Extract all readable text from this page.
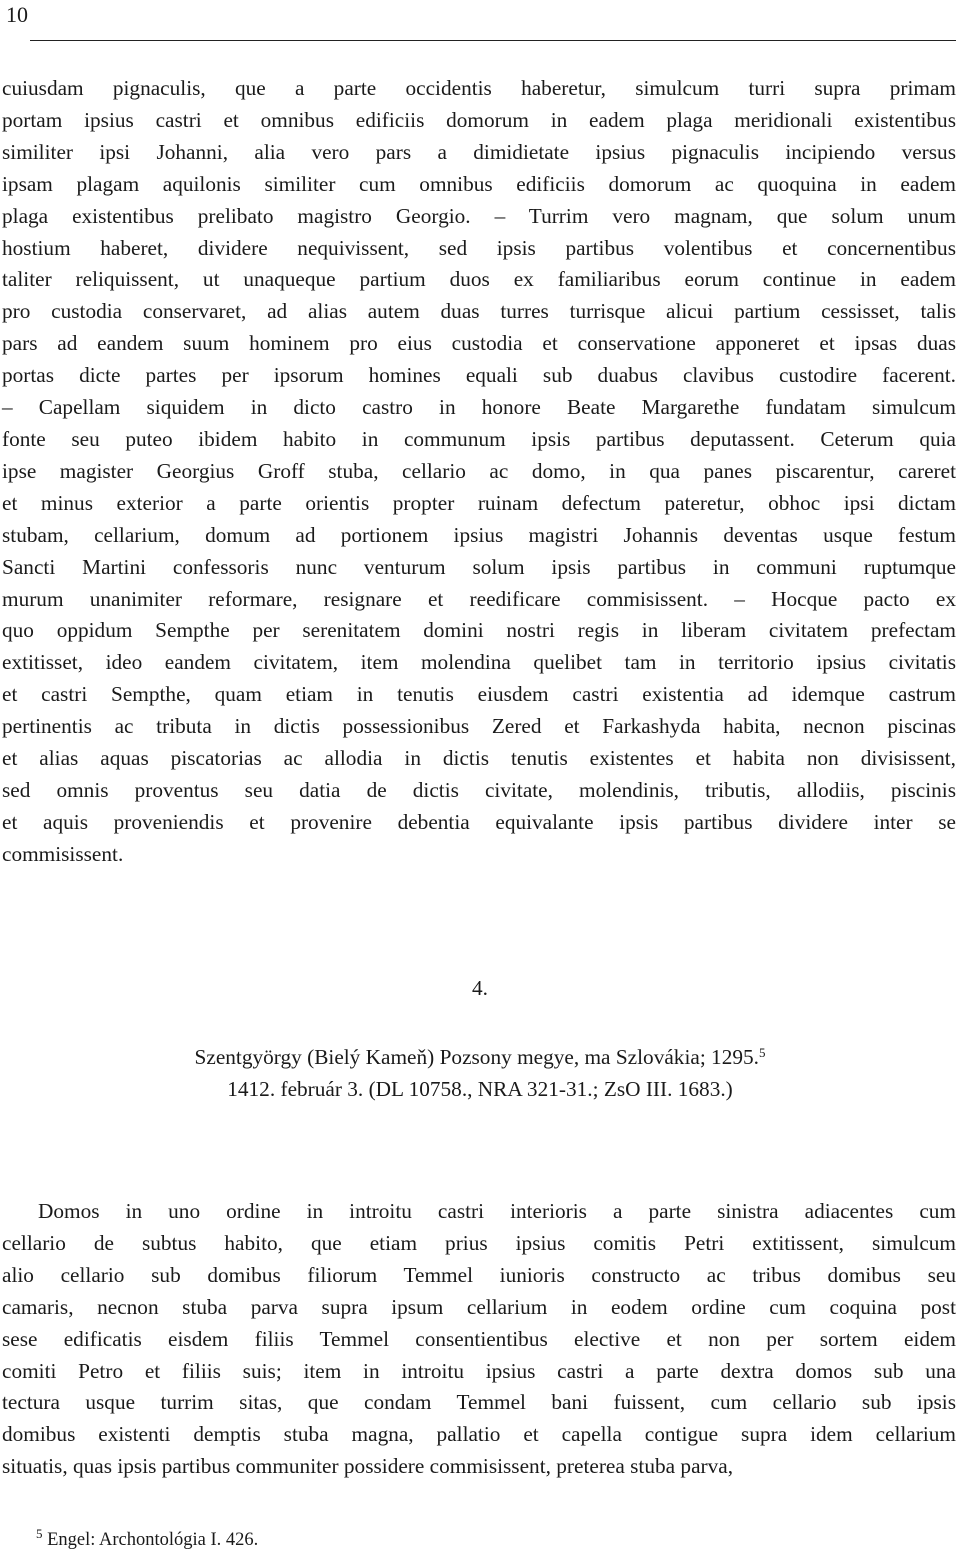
10
cuiusdam pignaculis, que a parte occidentis haberetur, simulcum turri supra primam
portam ipsius castri et omnibus edificiis domorum in eadem plaga meridionali existentibus
similiter ipsi Johanni, alia vero pars a dimidietate ipsius pignaculis incipiendo versus
ipsam plagam aquilonis similiter cum omnibus edificiis domorum ac quoquina in eadem
plaga existentibus prelibato magistro Georgio. – Turrim vero magnam, que solum unum
hostium haberet, dividere nequivissent, sed ipsis partibus volentibus et concernentibus
taliter reliquissent, ut unaqueque partium duos ex familiaribus eorum continue in eadem
pro custodia conservaret, ad alias autem duas turres turrisque alicui partium cessisset, talis
pars ad eandem suum hominem pro eius custodia et conservatione apponeret et ipsas duas
portas dicte partes per ipsorum homines equali sub duabus clavibus custodire facerent.
– Capellam siquidem in dicto castro in honore Beate Margarethe fundatam simulcum
fonte seu puteo ibidem habito in communum ipsis partibus deputassent. Ceterum quia
ipse magister Georgius Groff stuba, cellario ac domo, in qua panes piscarentur, careret
et minus exterior a parte orientis propter ruinam defectum pateretur, obhoc ipsi dictam
stubam, cellarium, domum ad portionem ipsius magistri Johannis deventas usque festum
Sancti Martini confessoris nunc venturum solum ipsis partibus in communi ruptumque
murum unanimiter reformare, resignare et reedificare commisissent. – Hocque pacto ex
quo oppidum Sempthe per serenitatem domini nostri regis in liberam civitatem prefectam
extitisset, ideo eandem civitatem, item molendina quelibet tam in territorio ipsius civitatis
et castri Sempthe, quam etiam in tenutis eiusdem castri existentia ad idemque castrum
pertinentis ac tributa in dictis possessionibus Zered et Farkashyda habita, necnon piscinas
et alias aquas piscatorias ac allodia in dictis tenutis existentes et habita non divisissent,
sed omnis proventus seu datia de dictis civitate, molendinis, tributis, allodiis, piscinis
et aquis proveniendis et provenire debentia equivalante ipsis partibus dividere inter se
commisissent.
4.
Szentgyörgy (Bielý Kameň) Pozsony megye, ma Szlovákia; 1295.$^5$
1412. február 3. (DL 10758., NRA 321-31.; ZsO III. 1683.)
Domos in uno ordine in introitu castri interioris a parte sinistra adiacentes cum
cellario de subtus habito, que etiam prius ipsius comitis Petri extitissent, simulcum
alio cellario sub domibus filiorum Temmel iunioris constructo ac tribus domibus seu
camaris, necnon stuba parva supra ipsum cellarium in eodem ordine cum coquina post
sese edificatis eisdem filiis Temmel consentientibus elective et non per sortem eidem
comiti Petro et filiis suis; item in introitu ipsius castri a parte dextra domos sub una
tectura usque turrim sitas, que condam Temmel bani fuissent, cum cellario sub ipsis
domibus existenti demptis stuba magna, pallatio et capella contigue supra idem cellarium
situatis, quas ipsis partibus communiter possidere commisissent, preterea stuba parva,
$^5$ Engel: Archontológia I. 426.
